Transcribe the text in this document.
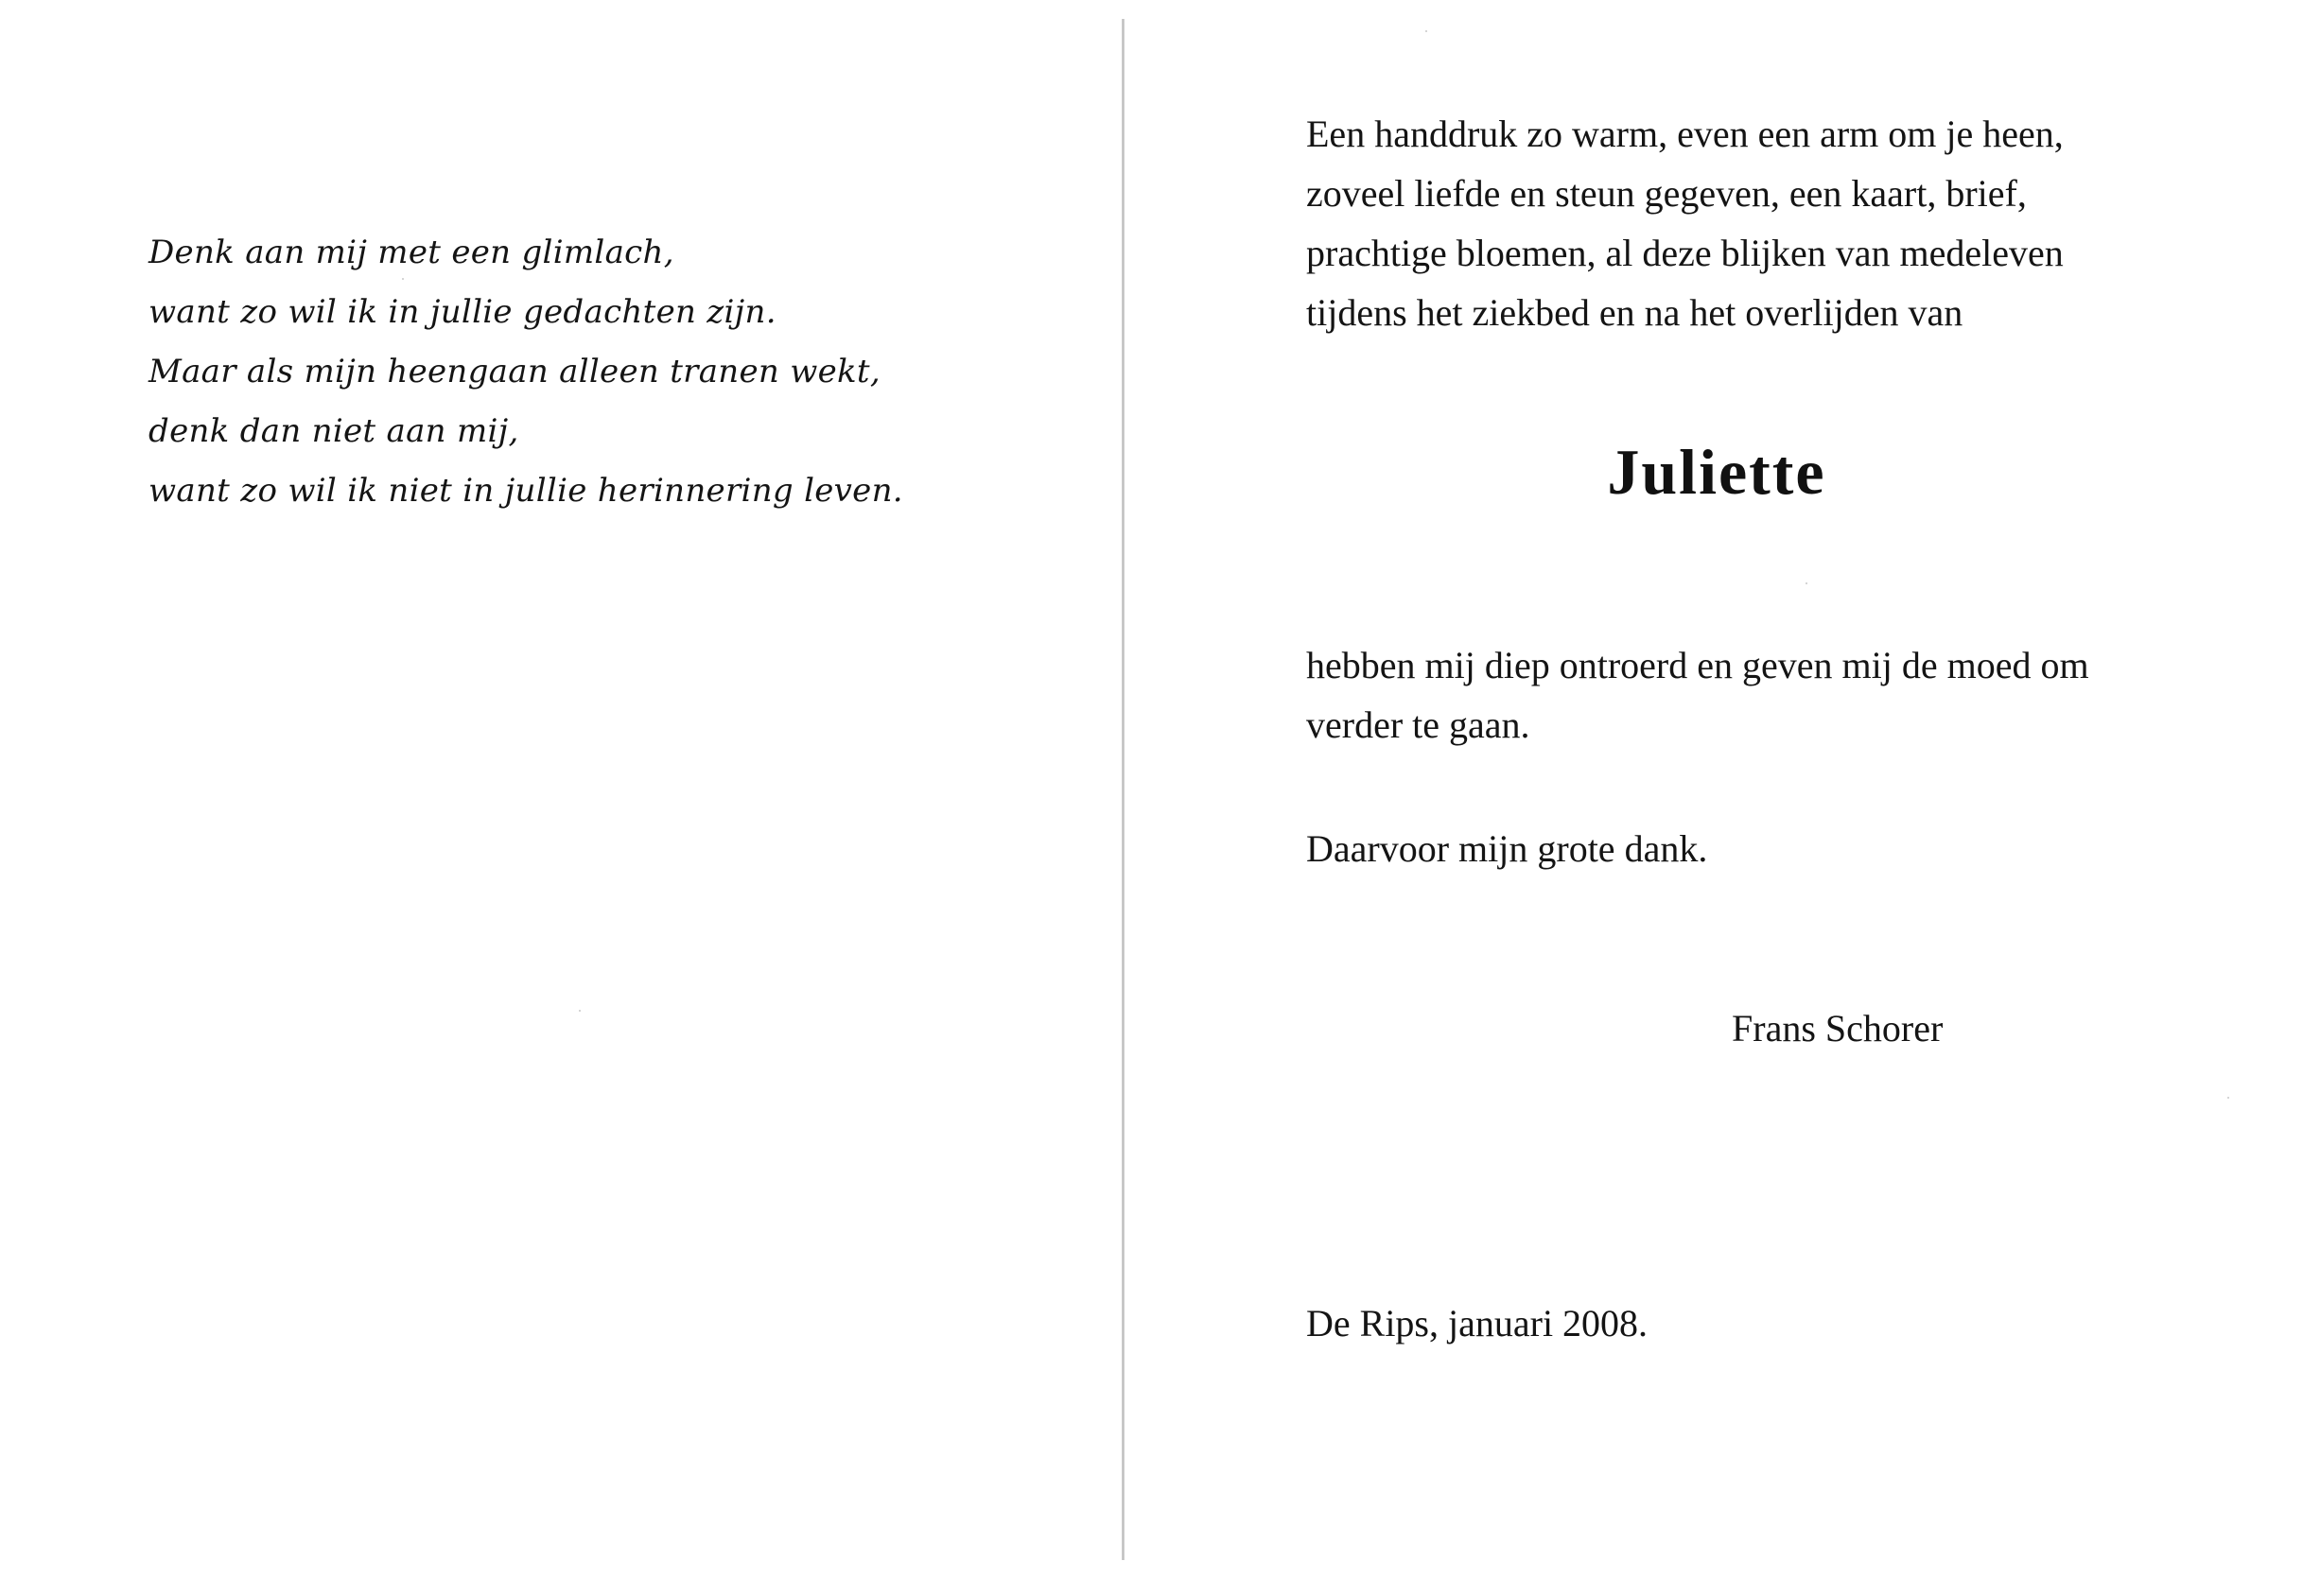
Denk aan mij met een glimlach,
want zo wil ik in jullie gedachten zijn.
Maar als mijn heengaan alleen tranen wekt,
denk dan niet aan mij,
want zo wil ik niet in jullie herinnering leven.
Een handdruk zo warm, even een arm om je heen,
zoveel liefde en steun gegeven, een kaart, brief,
prachtige bloemen, al deze blijken van medeleven
tijdens het ziekbed en na het overlijden van
Juliette
hebben mij diep ontroerd en geven mij de moed om
verder te gaan.
Daarvoor mijn grote dank.
Frans Schorer
De Rips, januari 2008.
